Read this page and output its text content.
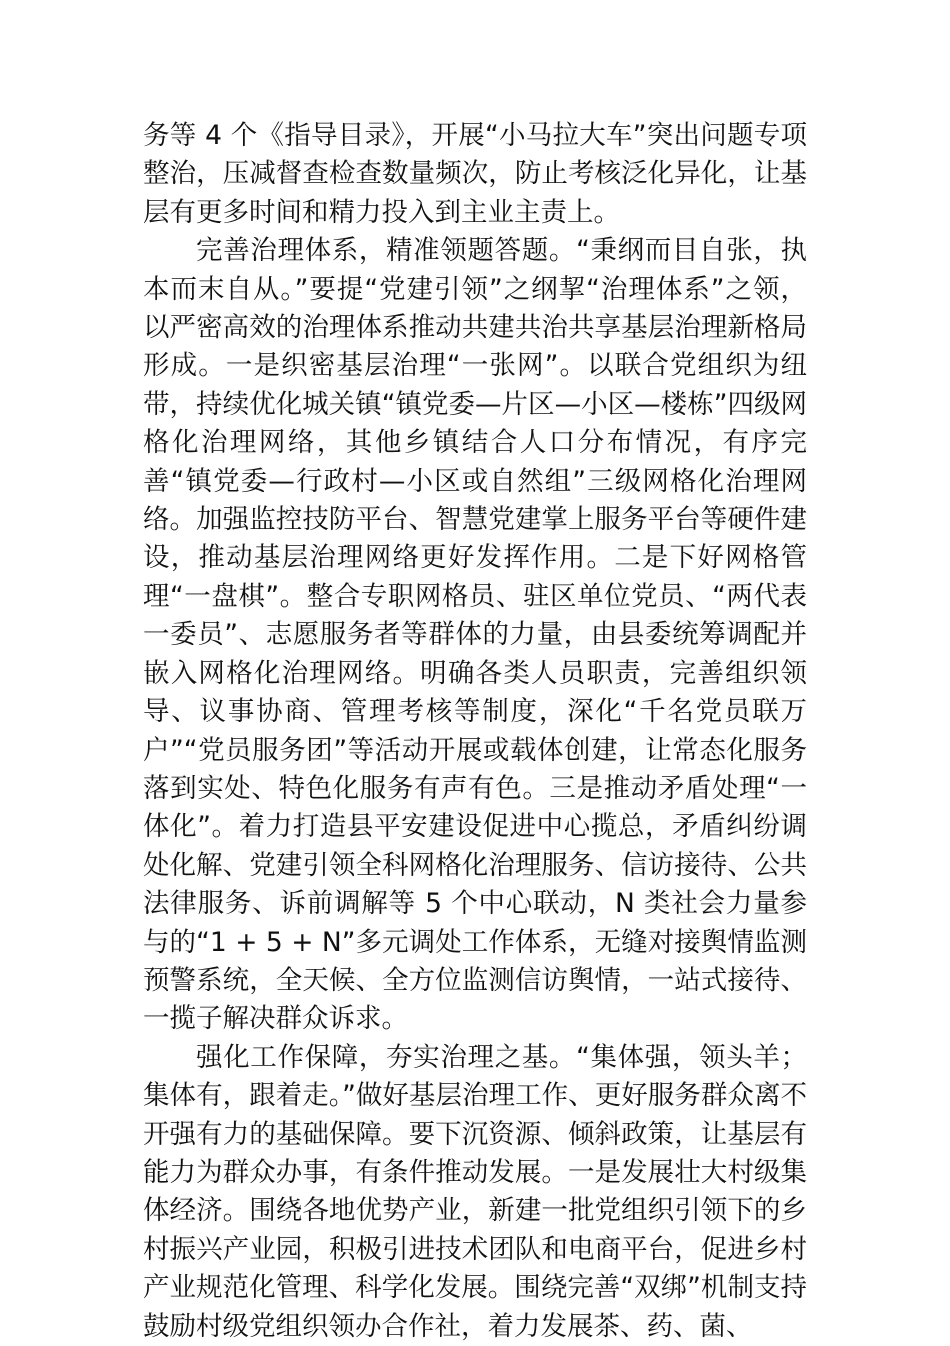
务等 4 个《指导目录》，开展“小马拉大车”突出问题专项整治，压减督查检查数量频次，防止考核泛化异化，让基层有更多时间和精力投入到主业主责上。

完善治理体系，精准领题答题。“秉纲而目自张，执本而末自从。”要提“党建引领”之纲挈“治理体系”之领，以严密高效的治理体系推动共建共治共享基层治理新格局形成。一是织密基层治理“一张网”。以联合党组织为纽带，持续优化城关镇“镇党委—片区—小区—楼栋”四级网格化治理网络，其他乡镇结合人口分布情况，有序完善“镇党委—行政村—小区或自然组”三级网格化治理网络。加强监控技防平台、智慧党建掌上服务平台等硬件建设，推动基层治理网络更好发挥作用。二是下好网格管理“一盘棋”。整合专职网格员、驻区单位党员、“两代表一委员”、志愿服务者等群体的力量，由县委统筹调配并嵌入网格化治理网络。明确各类人员职责，完善组织领导、议事协商、管理考核等制度，深化“千名党员联万户”“党员服务团”等活动开展或载体创建，让常态化服务落到实处、特色化服务有声有色。三是推动矛盾处理“一体化”。着力打造县平安建设促进中心揽总，矛盾纠纷调处化解、党建引领全科网格化治理服务、信访接待、公共法律服务、诉前调解等 5 个中心联动，N 类社会力量参与的“1 + 5 + N”多元调处工作体系，无缝对接舆情监测预警系统，全天候、全方位监测信访舆情，一站式接待、一揽子解决群众诉求。

强化工作保障，夯实治理之基。“集体强，领头羊；集体有，跟着走。”做好基层治理工作、更好服务群众离不开强有力的基础保障。要下沉资源、倾斜政策，让基层有能力为群众办事，有条件推动发展。一是发展壮大村级集体经济。围绕各地优势产业，新建一批党组织引领下的乡村振兴产业园，积极引进技术团队和电商平台，促进乡村产业规范化管理、科学化发展。围绕完善“双绑”机制支持鼓励村级党组织领办合作社，着力发展茶、药、菌、
